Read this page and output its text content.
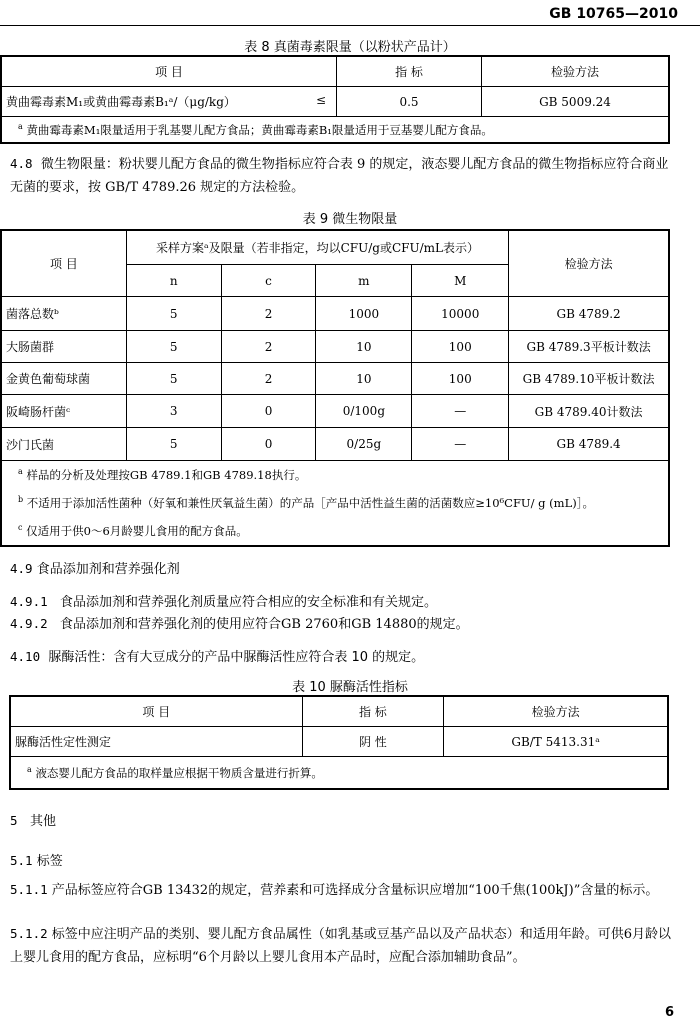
GB 10765—2010
表 8 真菌毒素限量（以粉状产品计）
项 目	指 标	检验方法
黄曲霉毒素M₁或黄曲霉毒素B₁ᵃ/（μg/kg） ≤	0.5	GB 5009.24
$^a$ 黄曲霉毒素M₁限量适用于乳基婴儿配方食品；黄曲霉毒素B₁限量适用于豆基婴儿配方食品。		
4.8 微生物限量：粉状婴儿配方食品的微生物指标应符合表 9 的规定，液态婴儿配方食品的微生物指标应符合商业无菌的要求，按 GB/T 4789.26 规定的方法检验。
表 9 微生物限量
项 目	采样方案ᵃ及限量（若非指定，均以CFU/g或CFU/mL表示）				检验方法
	n	c	m	M	
菌落总数ᵇ	5	2	1000	10000	GB 4789.2
大肠菌群	5	2	10	100	GB 4789.3平板计数法
金黄色葡萄球菌	5	2	10	100	GB 4789.10平板计数法
阪崎肠杆菌ᶜ	3	0	0/100g	—	GB 4789.40计数法
沙门氏菌	5	0	0/25g	—	GB 4789.4

$^a$ 样品的分析及处理按GB 4789.1和GB 4789.18执行。
$^b$ 不适用于添加活性菌种（好氧和兼性厌氧益生菌）的产品［产品中活性益生菌的活菌数应≥10⁶CFU/ g (mL)］。
$^c$ 仅适用于供0～6月龄婴儿食用的配方食品。					
4.9 食品添加剂和营养强化剂
4.9.1 食品添加剂和营养强化剂质量应符合相应的安全标准和有关规定。
4.9.2 食品添加剂和营养强化剂的使用应符合GB 2760和GB 14880的规定。
4.10 脲酶活性：含有大豆成分的产品中脲酶活性应符合表 10 的规定。
表 10 脲酶活性指标
项 目	指 标	检验方法
脲酶活性定性测定	阴 性	GB/T 5413.31ᵃ
$^a$ 液态婴儿配方食品的取样量应根据干物质含量进行折算。		
5 其他
5.1 标签
5.1.1 产品标签应符合GB 13432的规定，营养素和可选择成分含量标识应增加“100千焦(100kJ)”含量的标示。
5.1.2 标签中应注明产品的类别、婴儿配方食品属性（如乳基或豆基产品以及产品状态）和适用年龄。可供6月龄以上婴儿食用的配方食品，应标明“6个月龄以上婴儿食用本产品时，应配合添加辅助食品”。
6
